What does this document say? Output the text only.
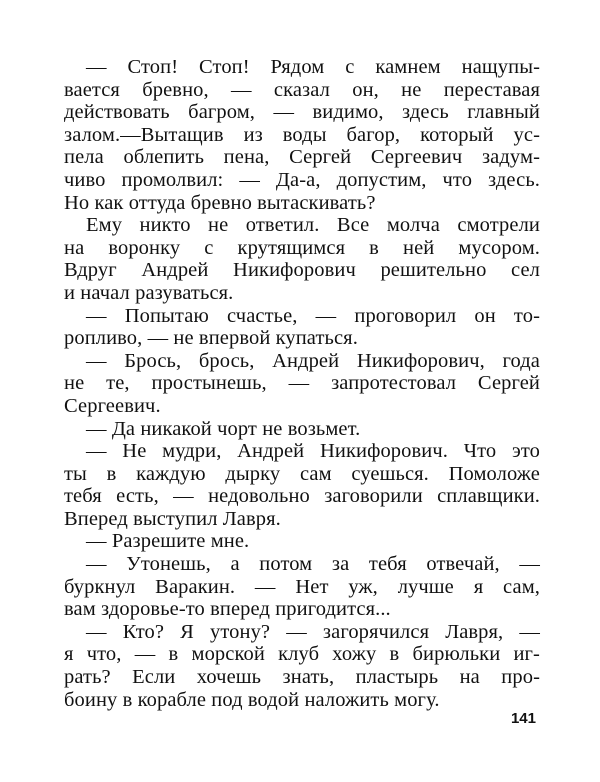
— Стоп! Стоп! Рядом с камнем нащупы-
вается бревно, — сказал он, не переставая
действовать багром, — видимо, здесь главный
залом.—Вытащив из воды багор, который ус-
пела облепить пена, Сергей Сергеевич задум-
чиво промолвил: — Да-а, допустим, что здесь.
Но как оттуда бревно вытаскивать?
Ему никто не ответил. Все молча смотрели
на воронку с крутящимся в ней мусором.
Вдруг Андрей Никифорович решительно сел
и начал разуваться.
— Попытаю счастье, — проговорил он то-
ропливо, — не впервой купаться.
— Брось, брось, Андрей Никифорович, года
не те, простынешь, — запротестовал Сергей
Сергеевич.
— Да никакой чорт не возьмет.
— Не мудри, Андрей Никифорович. Что это
ты в каждую дырку сам суешься. Помоложе
тебя есть, — недовольно заговорили сплавщики.
Вперед выступил Лавря.
— Разрешите мне.
— Утонешь, а потом за тебя отвечай, —
буркнул Варакин. — Нет уж, лучше я сам,
вам здоровье-то вперед пригодится...
— Кто? Я утону? — загорячился Лавря, —
я что, — в морской клуб хожу в бирюльки иг-
рать? Если хочешь знать, пластырь на про-
боину в корабле под водой наложить могу.
141
